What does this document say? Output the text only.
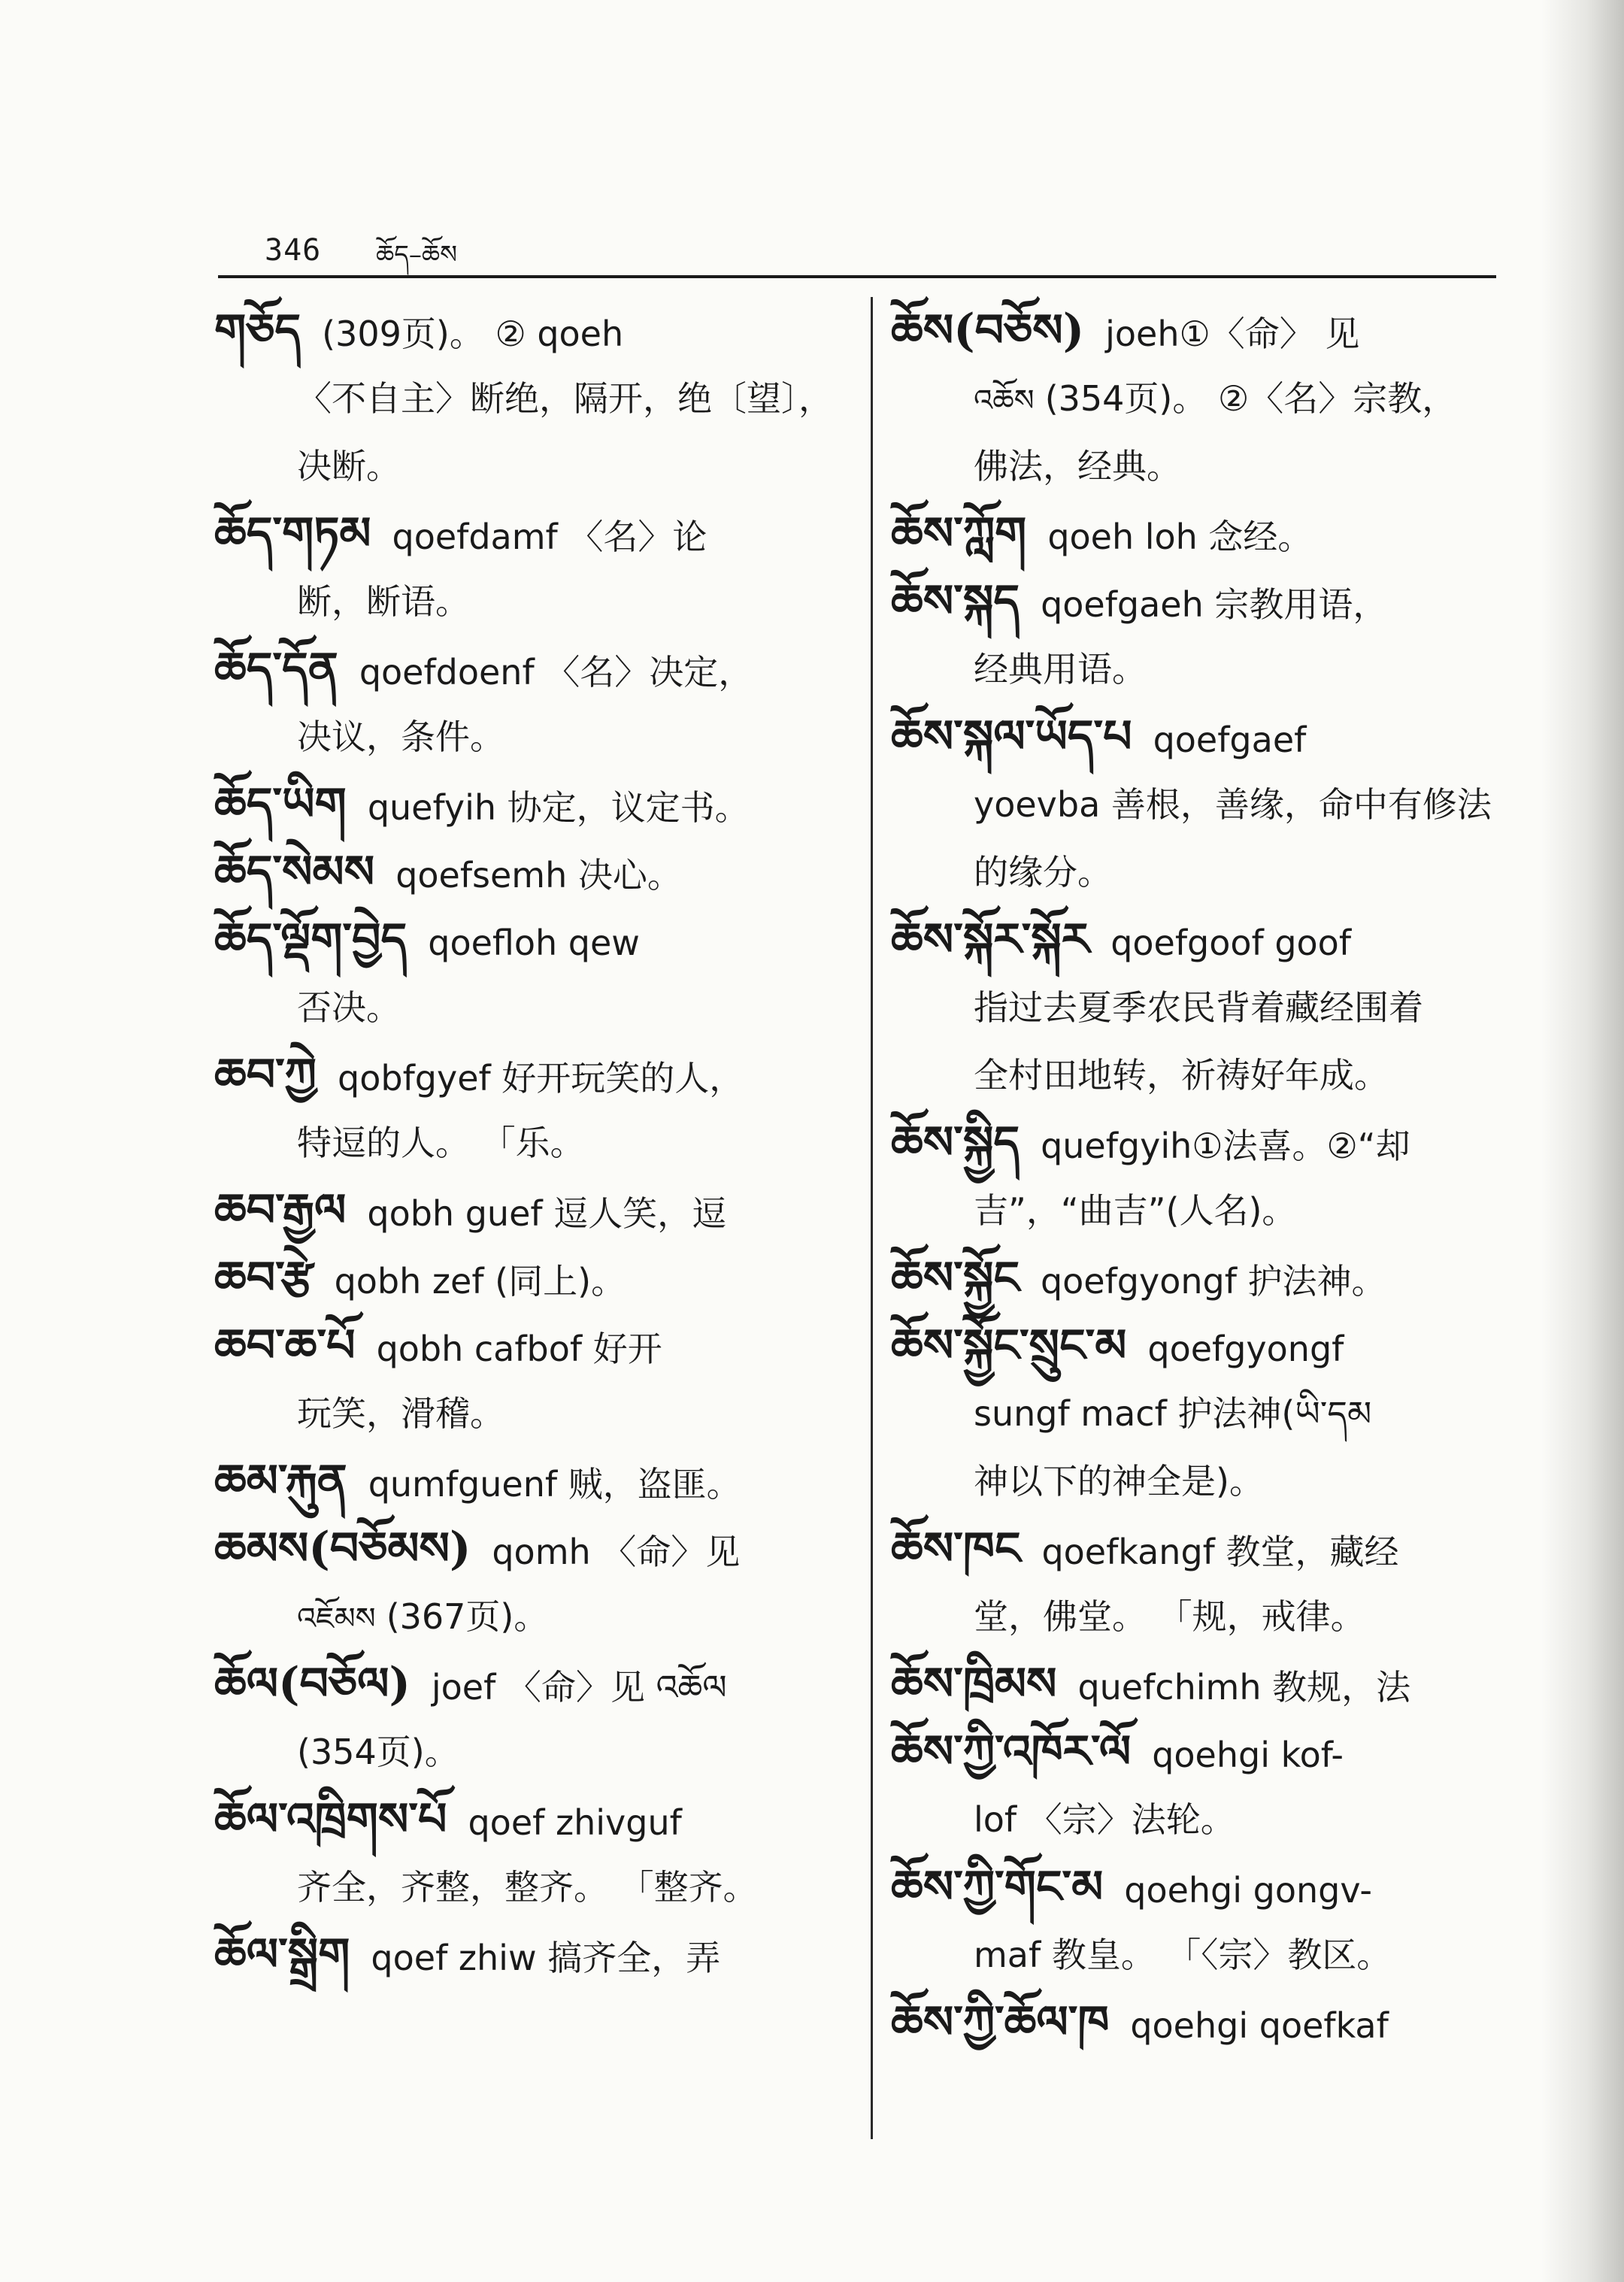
346 ཆོད–ཆོས
གཅོད (309页)。 ② qoeh
〈不自主〉断绝，隔开，绝〔望〕，
决断。
ཆོད་གཏམ qoefdamf 〈名〉论
断，断语。
ཆོད་དོན qoefdoenf 〈名〉决定，
决议，条件。
ཆོད་ཡིག quefyih 协定，议定书。
ཆོད་སེམས qoefsemh 决心。
ཆོད་ལྡོག་བྱེད qoefloh qew
否决。
ཆབ་ཀྱེ qobfgyef 好开玩笑的人，
特逗的人。 「乐。
ཆབ་རྒྱལ qobh guef 逗人笑，逗
ཆབ་རྩེ qobh zef (同上)。
ཆབ་ཆ་པོ qobh cafbof 好开
玩笑，滑稽。
ཆམ་རྐུན qumfguenf 贼，盗匪。
ཆམས(བཅོམས) qomh 〈命〉见
འཇོམས (367页)。
ཆོལ(བཅོལ) joef 〈命〉见 འཆོལ
(354页)。
ཆོལ་འཁྲིགས་པོ qoef zhivguf
齐全，齐整，整齐。 「整齐。
ཆོལ་སྒྲིག qoef zhiw 搞齐全，弄
ཆོས(བཅོས) joeh①〈命〉 见
འཆོས (354页)。 ②〈名〉宗教，
佛法，经典。
ཆོས་ཀློག qoeh loh 念经。
ཆོས་སྐད qoefgaeh 宗教用语，
经典用语。
ཆོས་སྐལ་ཡོད་པ qoefgaef
yoevba 善根，善缘，命中有修法
的缘分。
ཆོས་སྐོར་སྐོར qoefgoof goof
指过去夏季农民背着藏经围着
全村田地转，祈祷好年成。
ཆོས་སྐྱིད quefgyih①法喜。②“却
吉”，“曲吉”(人名)。
ཆོས་སྐྱོང qoefgyongf 护法神。
ཆོས་སྐྱོང་སྲུང་མ qoefgyongf
sungf macf 护法神(ཡི་དམ
神以下的神全是)。
ཆོས་ཁང qoefkangf 教堂，藏经
堂，佛堂。 「规，戒律。
ཆོས་ཁྲིམས quefchimh 教规，法
ཆོས་ཀྱི་འཁོར་ལོ qoehgi kof-
lof 〈宗〉法轮。
ཆོས་ཀྱི་གོང་མ qoehgi gongv-
maf 教皇。 「〈宗〉教区。
ཆོས་ཀྱི་ཆོལ་ཁ qoehgi qoefkaf
